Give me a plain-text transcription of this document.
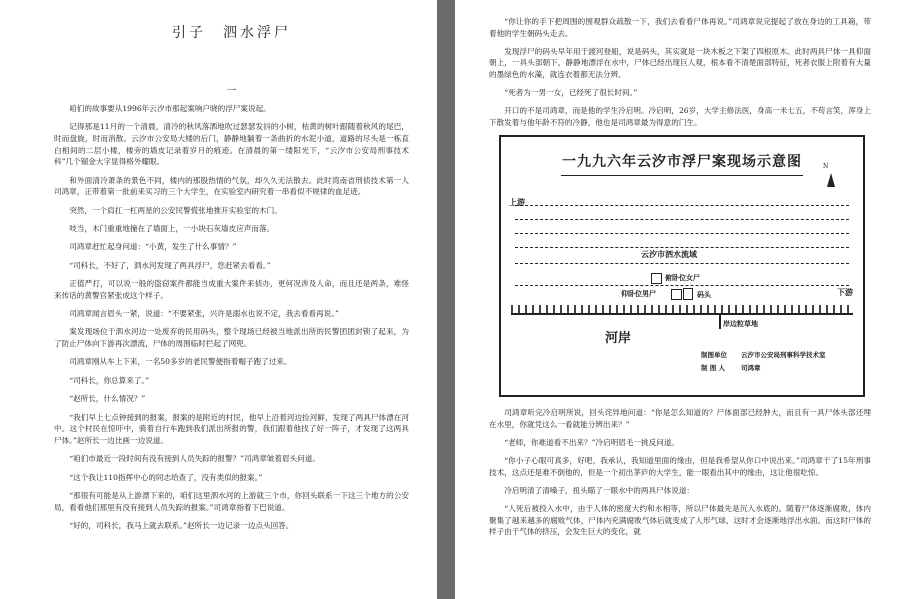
引子　泗水浮尸
一

咱们的故事要从1996年云汐市那起案响户晓的浮尸案说起。

记得那是11月的一个清晨，清冷的秋风落洒地吹过瑟瑟发抖的小树，枯黄的树叶跟随着秋风的尾巴，时而盘旋，时而消散。云汐市公安局大楼的后门，静静地躺着一条曲折的水泥小道，道路的尽头是一栋直白相间的二层小楼，楼旁的墙皮记录着岁月的痕迹。在清晨的第一缕阳光下，“云汐市公安局刑事技术科”几个镏金大字显得格外耀眼。

和外面清冷萧条的景色不同，楼内的那股热情的气氛，却久久无法散去。此时湾南省刑侦技术第一人司鸿章，正带着第一批前来实习的三个大学生，在实验室内研究着一串看似不规律的血足迹。

突然，一个肩扛一杠两星的公安民警慌张地推开实验室的木门。

吱当，木门重重地撞在了墙面上，一小块石灰墙皮应声而落。

司鸿章赶忙起身问道：“小黄，发生了什么事情？”

“司科长，不好了，泗水河发现了两具浮尸，您赶紧去看看。”

正值严打，可以说一般的盗窃案件都能当成重大案件来侦办，更何况涉及人命，而且还是两条，难怪来传话的黄警官紧张成这个样子。

司鸿章闻言眉头一紧，说道：“不要紧张，兴许是溺水也说不定，我去看看再说。”

案发现场位于泗水河边一处废弃的民用码头，整个现场已经被当地派出所的民警团团封锁了起来，为了防止尸体向下游再次漂流，尸体的周围临时拦起了网兜。

司鸿章刚从车上下来，一名50多岁的老民警便指着帽子跑了过来。

“司科长，你总算来了。”

“赵所长，什么情况？”

“我们早上七点钟接到的报案，报案的是附近的村民，他早上沿着河边捡河鲜，发现了两具尸体漂在河中。这个村民在惊吓中，骑着自行车跑到我们派出所报的警，我们跟着他找了好一阵子，才发现了这两具尸体。”赵所长一边比画一边说道。

“咱们市最近一段时间有没有接到人员失踪的报警？”司鸿章皱着眉头问道。

“这个我让110指挥中心的同志给查了，没有类似的报案。”

“那很有可能是从上游漂下来的，咱们这里泗水河的上游就三个市，你回头联系一下这三个地方的公安局，看看他们那里有没有接到人员失踪的报案。”司鸿章指着下巴说道。

“好的，司科长，我马上就去联系。”赵所长一边记录一边点头回答。

“你让你的手下把周围的围观群众疏散一下，我们去看看尸体再说。”司鸿章说完提起了放在身边的工具箱，带着他的学生朝码头走去。

发现浮尸的码头早年用于渡河登船，说是码头，其实就是一块木板之下架了四根原木。此时两具尸体一具仰面朝上，一具头部朝下，静静地漂浮在水中，尸体已经出现巨人观，根本看不清楚面部特征，死者衣服上附着有大量的墨绿色的水藻，就连衣着都无法分辨。

“死者为一男一女，已经死了很长时间。”

开口的不是司鸿章，而是他的学生冷启明。冷启明，26岁，大学主修法医，身高一米七五，不苟言笑，浑身上下散发着与他年龄不符的冷静，他也是司鸿章最为得意的门生。

一九九六年云汐市浮尸案现场示意图	N
上游
云汐市泗水流域
俯卧位女尸
仰卧位男尸	码头	下游
岸边粒草地
河岸
制图单位 云汐市公安局刑事科学技术室
制 图 人 司鸿章

司鸿章听完冷启明所说，回头诧异地问道：“你是怎么知道的？尸体面部已经肿大，而且有一具尸体头部还埋在水里，你就凭这么一看就能分辨出来？”

“老师，你难道看不出来？”冷启明眉毛一挑反问道。

“你小子心眼可真多，好吧，我承认，我知道里面的缘由，但是我希望从你口中说出来。”司鸿章干了15年刑事技术，这点还是难不倒他的，但是一个初出茅庐的大学生，能一眼看出其中的缘由，这让他很吃惊。

冷启明清了清嗓子，扭头瞄了一眼水中的两具尸体说道：

“人死后被投入水中，由于人体的密度大约和水相等，所以尸体最先是沉入水底的。随着尸体逐渐腐败，体内聚集了越来越多的腐败气体，尸体内充满腐败气体后就变成了人形气球，这时才会逐渐地浮出水面。而这时尸体的样子由于气体的挤压，会发生巨大的变化，就
